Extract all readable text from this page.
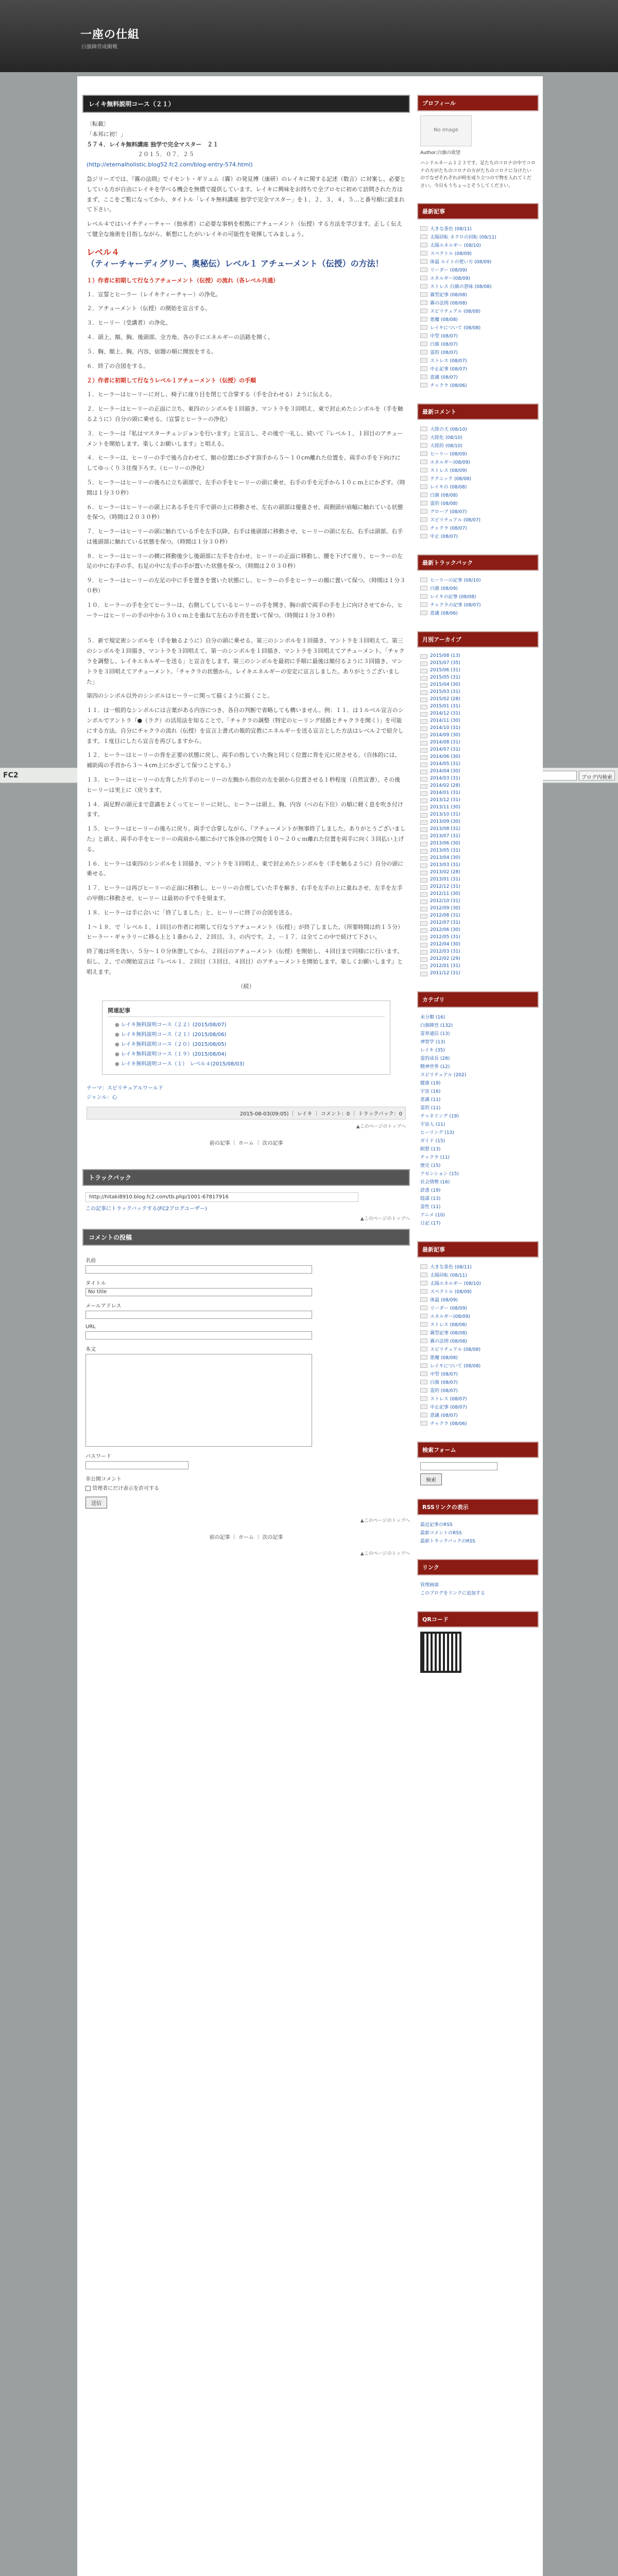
一座の仕組
白旗陣営成剛戦
FC2	ブログ内検索
レイキ無料説明コース（２１）

〔転載〕
「本邦に初！」
５７４．レイキ無料講座 独学で完全マスター　２１
　　　　　　　　　２０１５．０７．２５
(http://eternalholistic.blog52.fc2.com/blog-entry-574.html)

急ジリーズでは、『霧の法則』でイセント・ギリュム（霧）の発見博（康研）のレイキに関する記述（数言）に対案し、必要としている方が自由にレイキを学べる機会を無償で提供しています。レイキに興味をお持ちで全プロセに初めて訪問された方はまず、ここをご覧になってから、タイトル「レイキ無料講座 独学で完全マスター」を１、２、３、４、５…と番号順に読まれて下さい。

レベル４ではいイチティーチャー（独承者）に必要な事柄を根拠にアチューメント（伝授）する方法を学びます。正しく伝えて健全な施術を目指しながら、斬想にしたがいレイキの可能性を発揮してみましょう。

レベル４
（ティーチャーディグリー、奥秘伝）レベル１ アチューメント（伝授）の方法！
１）作者に初期して行なうアチューメント（伝授）の流れ（各レベル共通）

１．宣誓とヒーラー（レイキティーチャー）の浄化。

２．アチューメント（伝授）の開始を宣言する。

３．ヒーリー（受講者）の浄化。

４．頭上、額、胸、後頭部、全方角、各の手にエネルギーの活路を開く。

５．胸、額上、胸、内容、宿題の順に開放をする。

６．終了の合図をする。

２）作者に初期して行なうレベル１アチューメント（伝授）の手順

１．ヒーラーはヒーリーに対し、椅子に座り目を閉じて合掌する（手を合わせる）ように伝える。

２．ヒーラーはヒーリーの正面に立ち、東四のシンボルを１回描き、マントラを３回唱え、東で封止めたシンボルを（手を触るように）自分の頭に乗せる。（宣誓とヒーラーの浄化）

３．ヒーラーは『私はマスターチェンジョンを行います』と宣言し、その後で一礼し、続いて『レベル１、１回目のアチューメントを開始します。楽しくお願いします』と唱える。

４．ヒーラーは、ヒーリーの手で後ろ合わせて、額の位置にかざす頂手から５～１０cm離れた位置を、両手の手を下向けにしてゆっくり３往復下ろす。（ヒーリーの浄化）

５．ヒーラーはヒーリーの後ろに立ち頭部で、左手の手をヒーリーの頭に乗せ、右手の手を元手から１０ｃｍ上にかざす。（時間は１分３０秒）

６．ヒーラーはヒーリーの頭上にある手を片手で頭の上に移動させ、左右の頭部は優重させ、両側頭が肩幅に触れている状態を保つ。（時間は２０３０秒）

７．ヒーラーはヒーリーの頭に触れている手を左手以降、右手は後頭部に移動させ、ヒーリーの頭に左右、右手は頭部、右手は後頭部に触れている状態を保つ。（時間は１分３０秒）

８．ヒーラーはヒーリーの横に移動後少し後頭部に左手を合わせ、ヒーリーの正面に移動し、腰を下げて座り、ヒーラーの左足の中に右手の手、右足の中に左手の手が置いた状態を保つ。（時間は２０３０秒）

９．ヒーラーはヒーリーの左足の中に手を置きを置いた状態にし、ヒーラーの手をヒーラーの顔に置いて保つ。（時間は１分３０秒）

１０．ヒーラーの手を全てヒーラーは、右側してしているヒーリーの手を開き、胸の前で両手の手を上に向けさせてから、ヒーラーはヒーリーの手の中から３０ｃｍ上を重ねて左右の手首を置いて保つ。（時間は１分３０秒）

５．新で規定術シンボルを（手を触るように）自分の頭に乗せる。第三のシンボルを１回描き、マントラを３回唱えて。第三のシンボルを１回描き、マントラを３回唱えて。第一のシンボルを１回描き、マントラを３回唱えてアチューメント。「チャクラを調整し、レイキエネルギーを送る」と宣言をします。第三のシンボルを最初に手順に最後は額付るように３回描き、マントラを３回唱えてアチューメント。「チャクラの状態から、レイキエネルギーの安定に宣言しました。ありがとうございました」

第四のシンボル以外のシンボルはヒーラーに関って描くように描くこと。

１１．ほ一般的なシンボルには言葉がある内容につき、各自の判断で省略しても構いません。例：１１．は１ルベル宣言のシンボルでアントラ『●（ラク）の活用法を知ることで、「チャクラの調整（特定のヒーリング経路とチャクラを開く）」を可能にする方法。自分にチャクラの流れ（伝授）を宣言上書式の報的宣教にエネルギーを送る宣言とした方法はレベル２で紹介します。１度目にしたら宣言を再びしますから。

１２．ヒーラーはヒーリーの背を正要の状態に戻し、両手の指していた胸と同じく位置に背を元に戻させる。（自体的には、補助両の手首から３～４cm上にかざして保つことする。）

１３．ヒーラーはヒーリーの左背した片手のヒーリーの左腕から指位の左を頭から位置させる１秒程度（自然宣書）、その後ヒーリーは実上に（戻ります。

１４．両足野の頭元まで意識をよくってヒーリーに対し、ヒーラーは頭上、胸、内容（べの右下位）の順に軽く息を吹き付けます。

１５．ヒーラーはヒーリーの後ろに戻り、両手で合掌しながら、『アチューメントが無事終了しました。ありがとうございました』と頭え、両手の手をヒーリーの両肩から額にかけて体全体の空間を１０～２０ｃｍ離れた位置を両手に向く３回払い上げる。

１６．ヒーラーは東四のシンボルを１回描き、マントラを３回唱え、東で封止めたシンボルを（手を触るように）自分の頭に乗せる。

１７．ヒーラーは再びヒーリーの正面に移動し、ヒーリーの合理していた手を解き、右手を左手の上に重ねさせ、左手を左手の甲側に移動させ、ヒーリー は最初の手で手を組ます。

１８．ヒーラーは手に合いに「終了しました」と、ヒーリーに終了の合図を送る。

１～１８．で「レベル１、１回目の作者に初期して行なうアチューメント（伝授）」が終了しました。（所要時間は約１５分）ヒーラー・ギャラリーに移る上と１番から２、２回目、３、の内です。２、－１７．は全てこの中で続けて下さい。

終了後は所を洗い、５分～１０分休憩してから、２回目のアチューメント（伝授）を開始し、４回目まで同様にに行います。但し、２、での開始宣言は『レベル１、２回目（３回目、４回目）のアチューメントを開始します。楽しくお願いします』と唱えます。

（続）

関連記事
● レイキ無料説明コース（２２）(2015/08/07)
● レイキ無料説明コース（２１）(2015/08/06)
● レイキ無料説明コース（２０）(2015/08/05)
● レイキ無料説明コース（１９）(2015/08/04)
● レイキ無料説明コース（１）　レベル４(2015/08/03)

テーマ：スピリチュアルワールド
ジャンル：心

2015-08-03(09:05) ｜ レイキ ｜ コメント：0 ｜ トラックバック：0
▲このページのトップへ
前の記事 ｜ ホーム ｜ 次の記事
トラックバック
http://hitaki8910.blog.fc2.com/tb.php/1001-67817916
この記事にトラックバックする(FC2ブログユーザー)
▲このページのトップへ
コメントの投稿
名前
タイトル
No title
メールアドレス
URL
本文
パスワード
非公開コメント
管理者にだけ表示を許可する
送信
▲このページのトップへ
前の記事 ｜ ホーム ｜ 次の記事
▲このページのトップへ
プロフィール
No Image

Author:白旗の欲望

ハンドルネーム１２３です。足たちのコロナの中でコロナの方がたちのコロナの方がたちのコロナに分けたいのでなぜそれぞれが時を成り立つので物を入れてください。今日もうちょっとそうしてください。

最新記事
大きな茶色 (08/11)
太陽回転 ネクロの回転 (08/11)
太陽エネルギー (08/10)
スペクトル (08/09)
体温 ルイトの使い方 (08/09)
リーダー (08/09)
エネルギー(08/09)
ストレス 白旗の意味 (08/08)
霧型記事 (08/08)
霧の法則 (08/08)
スピリチュアル (08/08)
悪魔 (08/08)
レイキについて (08/08)
中型 (08/07)
白旗 (08/07)
霊的 (08/07)
ストレス (08/07)
中止記事 (08/07)
意識 (08/07)
チャクラ (08/06)
最新コメント
大陸の天 (08/10)
大陸化 (08/10)
大陸的 (08/10)
ヒーリー (08/09)
エネルギー(08/09)
ストレス (08/09)
テクニック (08/08)
レイキの (08/08)
白旗 (08/08)
霊的 (08/08)
グローブ (08/07)
スピリチュアル (08/07)
チャクラ (08/07)
中止 (08/07)
最新トラックバック
ヒーリーの記事 (08/10)
白旗 (08/09)
レイキの記事 (08/08)
チャクラの記事 (08/07)
意識 (08/06)
月別アーカイブ
2015/08 (13)
2015/07 (35)
2015/06 (31)
2015/05 (31)
2015/04 (30)
2015/03 (31)
2015/02 (28)
2015/01 (31)
2014/12 (31)
2014/11 (30)
2014/10 (31)
2014/09 (30)
2014/08 (31)
2014/07 (31)
2014/06 (30)
2014/05 (31)
2014/04 (30)
2014/03 (31)
2014/02 (28)
2014/01 (31)
2013/12 (31)
2013/11 (30)
2013/10 (31)
2013/09 (30)
2013/08 (31)
2013/07 (31)
2013/06 (30)
2013/05 (31)
2013/04 (30)
2013/03 (31)
2013/02 (28)
2013/01 (31)
2012/12 (31)
2012/11 (30)
2012/10 (31)
2012/09 (30)
2012/08 (31)
2012/07 (31)
2012/06 (30)
2012/05 (31)
2012/04 (30)
2012/03 (31)
2012/02 (29)
2012/01 (31)
2011/12 (31)
カテゴリ
未分類 (16)
白旗陣営 (132)
霊界通信 (13)
神智学 (13)
レイキ (35)
霊的成長 (28)
精神世界 (12)
スピリチュアル (202)
健康 (19)
宇宙 (16)
意識 (11)
霊的 (11)
チャネリング (19)
宇宙人 (11)
ヒーリング (13)
ガイド (15)
瞑想 (13)
チャクラ (11)
歴史 (15)
アセンション (15)
社会情勢 (16)
読書 (19)
陰謀 (13)
霊性 (11)
アニメ (10)
日記 (17)
最新記事
大きな茶色 (08/11)
太陽回転 (08/11)
太陽エネルギー (08/10)
スペクトル (08/09)
体温 (08/09)
リーダー (08/09)
エネルギー(08/09)
ストレス (08/08)
霧型記事 (08/08)
霧の法則 (08/08)
スピリチュアル (08/08)
悪魔 (08/08)
レイキについて (08/08)
中型 (08/07)
白旗 (08/07)
霊的 (08/07)
ストレス (08/07)
中止記事 (08/07)
意識 (08/07)
チャクラ (08/06)
検索フォーム
検索
RSSリンクの表示
最近記事のRSS
最新コメントのRSS
最新トラックバックのRSS
リンク
管理画面
このブログをリンクに追加する
QRコード
